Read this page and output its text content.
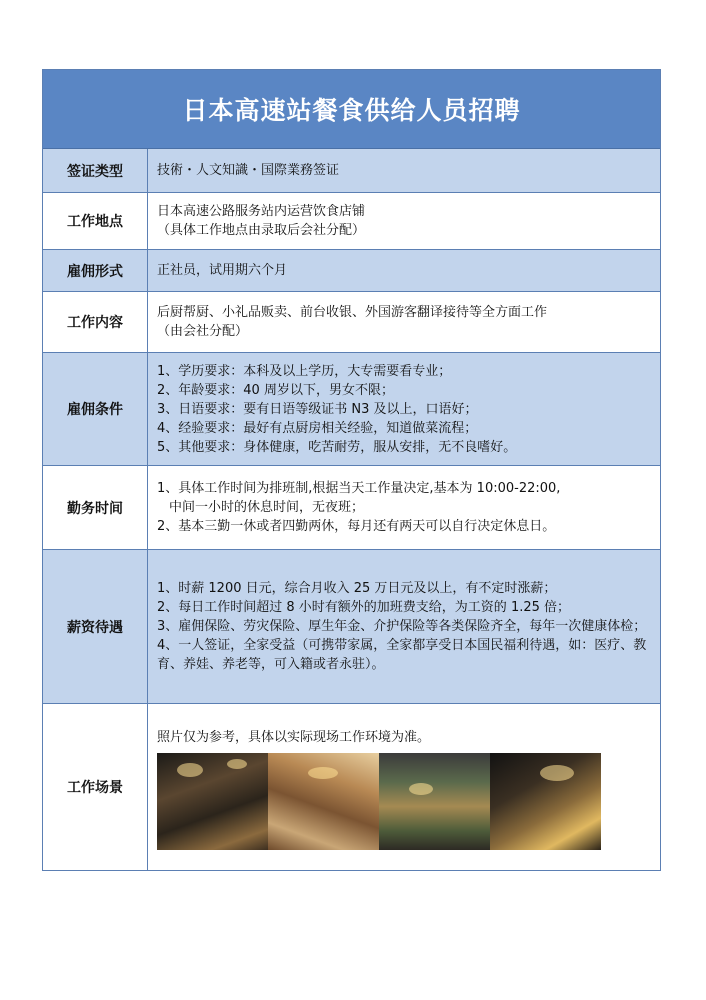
日本高速站餐食供给人员招聘
签证类型	技術・人文知識・国際業務签证
工作地点
日本高速公路服务站内运营饮食店铺
（具体工作地点由录取后会社分配）
雇佣形式	正社员，试用期六个月
工作内容
后厨帮厨、小礼品贩卖、前台收银、外国游客翻译接待等全方面工作
（由会社分配）
雇佣条件
1、学历要求：本科及以上学历，大专需要看专业；
2、年龄要求：40 周岁以下，男女不限；
3、日语要求：要有日语等级证书 N3 及以上，口语好；
4、经验要求：最好有点厨房相关经验，知道做菜流程；
5、其他要求：身体健康，吃苦耐劳，服从安排，无不良嗜好。
勤务时间
1、具体工作时间为排班制,根据当天工作量决定,基本为 10:00-22:00,
中间一小时的休息时间，无夜班；
2、基本三勤一休或者四勤两休，每月还有两天可以自行决定休息日。
薪资待遇
1、时薪 1200 日元，综合月收入 25 万日元及以上，有不定时涨薪；
2、每日工作时间超过 8 小时有额外的加班费支给，为工资的 1.25 倍；
3、雇佣保险、劳灾保险、厚生年金、介护保险等各类保险齐全，每年一次健康体检；
4、一人签证，全家受益（可携带家属，全家都享受日本国民福利待遇，如：医疗、教育、养娃、养老等，可入籍或者永驻）。
工作场景
照片仅为参考，具体以实际现场工作环境为准。
